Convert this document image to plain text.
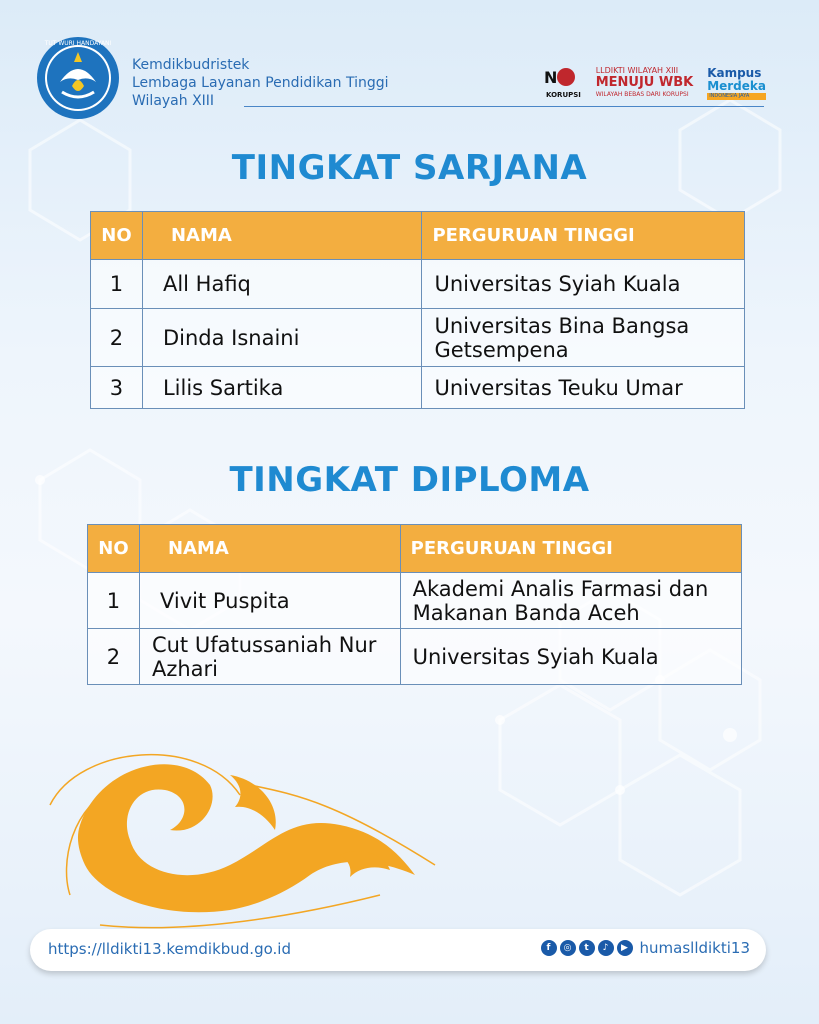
TUT WURI HANDAYANI
Kemdikbudristek
Lembaga Layanan Pendidikan Tinggi
Wilayah XIII
N
KORUPSI
LLDIKTI WILAYAH XIII
MENUJU WBK
WILAYAH BEBAS DARI KORUPSI
Kampus
Merdeka
INDONESIA JAYA
TINGKAT SARJANA
NO	NAMA	PERGURUAN TINGGI
1	All Hafiq	Universitas Syiah Kuala
2	Dinda Isnaini	Universitas Bina Bangsa Getsempena
3	Lilis Sartika	Universitas Teuku Umar
TINGKAT DIPLOMA
NO	NAMA	PERGURUAN TINGGI
1	Vivit Puspita	Akademi Analis Farmasi dan Makanan Banda Aceh
2	Cut Ufatussaniah Nur Azhari	Universitas Syiah Kuala
https://lldikti13.kemdikbud.go.id	f	◎	t	♪	▶ humaslldikti13
